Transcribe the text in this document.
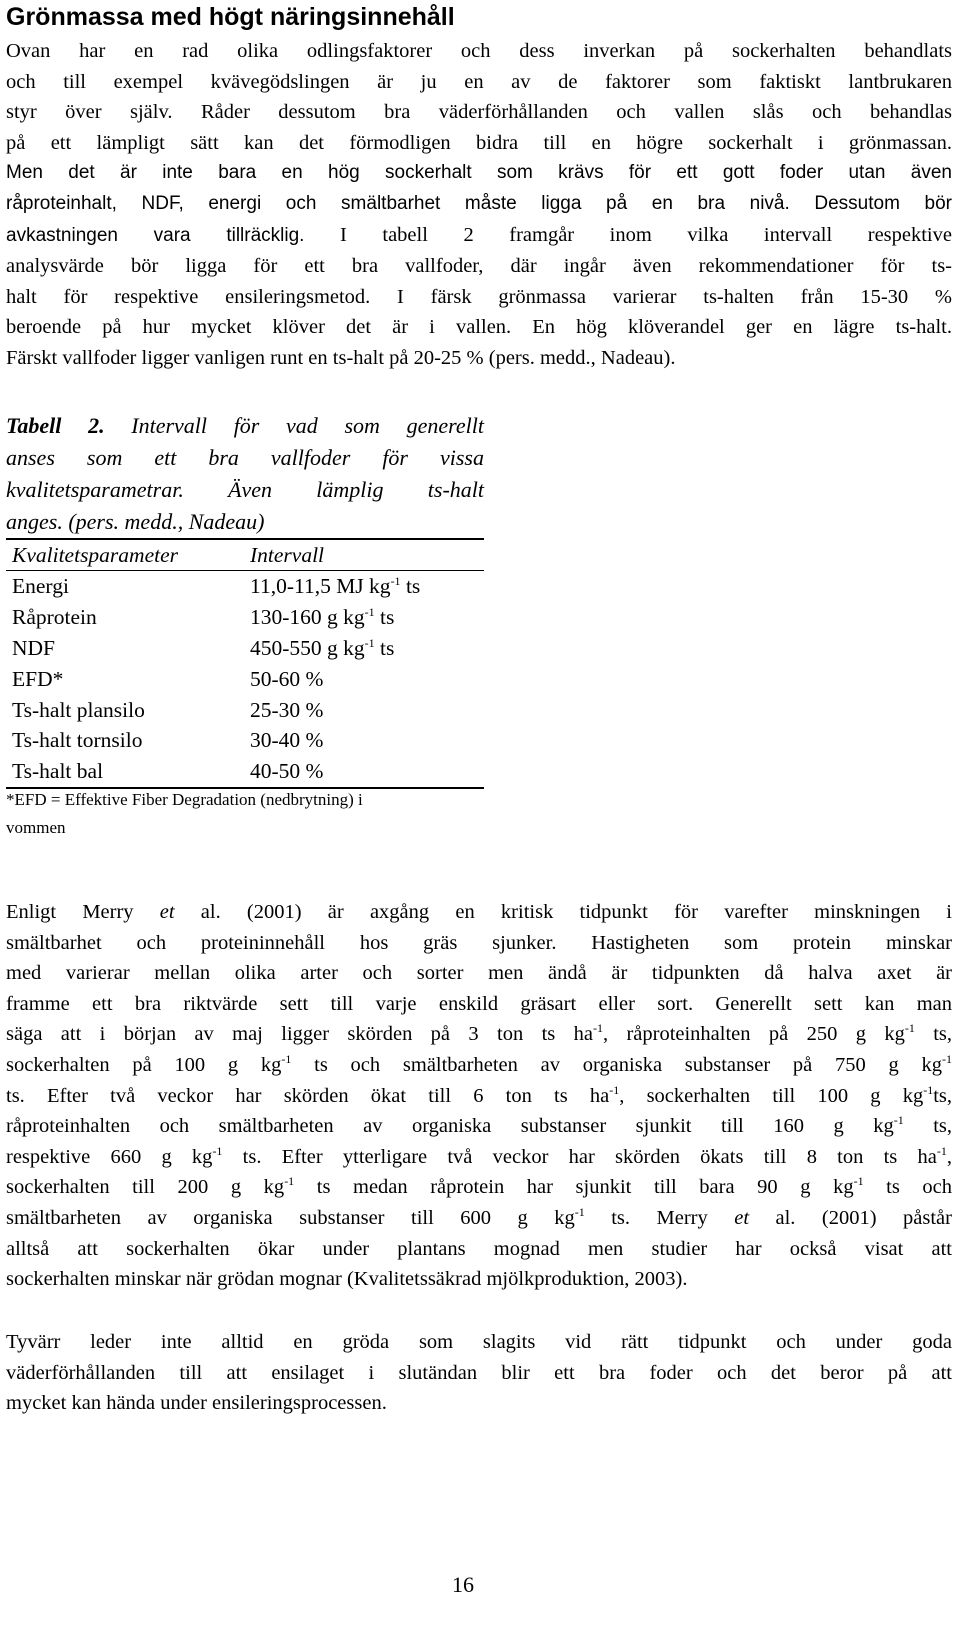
Grönmassa med högt näringsinnehåll
Ovan har en rad olika odlingsfaktorer och dess inverkan på sockerhalten behandlats
och till exempel kvävegödslingen är ju en av de faktorer som faktiskt lantbrukaren
styr över själv. Råder dessutom bra väderförhållanden och vallen slås och behandlas
på ett lämpligt sätt kan det förmodligen bidra till en högre sockerhalt i grönmassan.
Men det är inte bara en hög sockerhalt som krävs för ett gott foder utan även
råproteinhalt, NDF, energi och smältbarhet måste ligga på en bra nivå. Dessutom bör
avkastningen vara tillräcklig. I tabell 2 framgår inom vilka intervall respektive
analysvärde bör ligga för ett bra vallfoder, där ingår även rekommendationer för ts-
halt för respektive ensileringsmetod. I färsk grönmassa varierar ts-halten från 15-30 %
beroende på hur mycket klöver det är i vallen. En hög klöverandel ger en lägre ts-halt.
Färskt vallfoder ligger vanligen runt en ts-halt på 20-25 % (pers. medd., Nadeau).
Tabell 2. Intervall för vad som generellt
anses som ett bra vallfoder för vissa
kvalitetsparametrar. Även lämplig ts-halt
anges. (pers. medd., Nadeau)
Kvalitetsparameter	Intervall
Energi	11,0-11,5 MJ $kg^{-1}$ ts
Råprotein	130-160 g $kg^{-1}$ ts
NDF	450-550 g $kg^{-1}$ ts
EFD*	50-60 %
Ts-halt plansilo	25-30 %
Ts-halt tornsilo	30-40 %
Ts-halt bal	40-50 %
*EFD = Effektive Fiber Degradation (nedbrytning) i
vommen
Enligt Merry et al. (2001) är axgång en kritisk tidpunkt för varefter minskningen i
smältbarhet och proteininnehåll hos gräs sjunker. Hastigheten som protein minskar
med varierar mellan olika arter och sorter men ändå är tidpunkten då halva axet är
framme ett bra riktvärde sett till varje enskild gräsart eller sort. Generellt sett kan man
säga att i början av maj ligger skörden på 3 ton ts $ha^{-1}$, råproteinhalten på 250 g $kg^{-1}$ ts,
sockerhalten på 100 g $kg^{-1}$ ts och smältbarheten av organiska substanser på 750 g $kg^{-1}$
ts. Efter två veckor har skörden ökat till 6 ton ts $ha^{-1}$, sockerhalten till 100 g $kg^{-1}ts$,
råproteinhalten och smältbarheten av organiska substanser sjunkit till 160 g $kg^{-1}$ ts,
respektive 660 g $kg^{-1}$ ts. Efter ytterligare två veckor har skörden ökats till 8 ton ts $ha^{-1}$,
sockerhalten till 200 g $kg^{-1}$ ts medan råprotein har sjunkit till bara 90 g $kg^{-1}$ ts och
smältbarheten av organiska substanser till 600 g $kg^{-1}$ ts. Merry et al. (2001) påstår
alltså att sockerhalten ökar under plantans mognad men studier har också visat att
sockerhalten minskar när grödan mognar (Kvalitetssäkrad mjölkproduktion, 2003).
Tyvärr leder inte alltid en gröda som slagits vid rätt tidpunkt och under goda
väderförhållanden till att ensilaget i slutändan blir ett bra foder och det beror på att
mycket kan hända under ensileringsprocessen.
16
